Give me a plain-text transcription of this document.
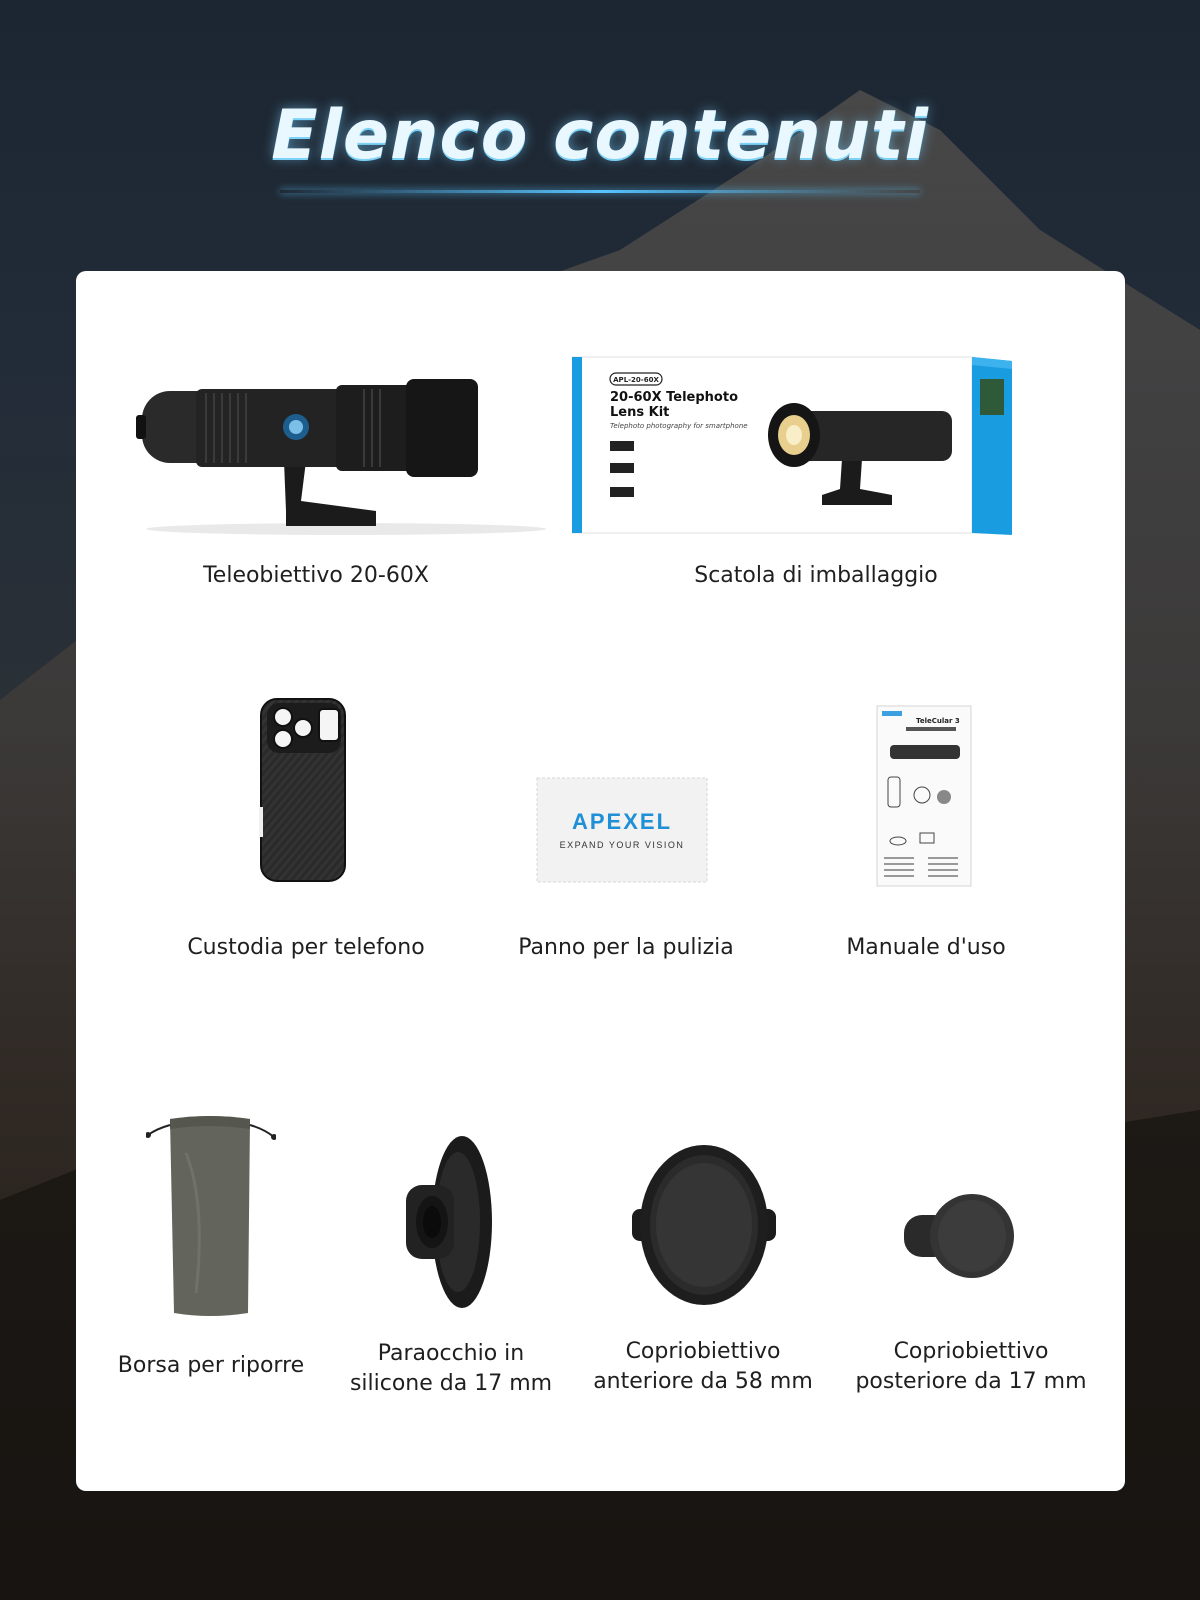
Elenco contenuti
Teleobiettivo 20-60X
APL-20-60X
20-60X Telephoto
Lens Kit
Telephoto photography for smartphone
Scatola di imballaggio
Custodia per telefono
APEXEL
EXPAND YOUR VISION
Panno per la pulizia
TeleCular 3
Manuale d'uso
Borsa per riporre	Paraocchio in
silicone da 17 mm
Copriobiettivo
anteriore da 58 mm
Copriobiettivo
posteriore da 17 mm
